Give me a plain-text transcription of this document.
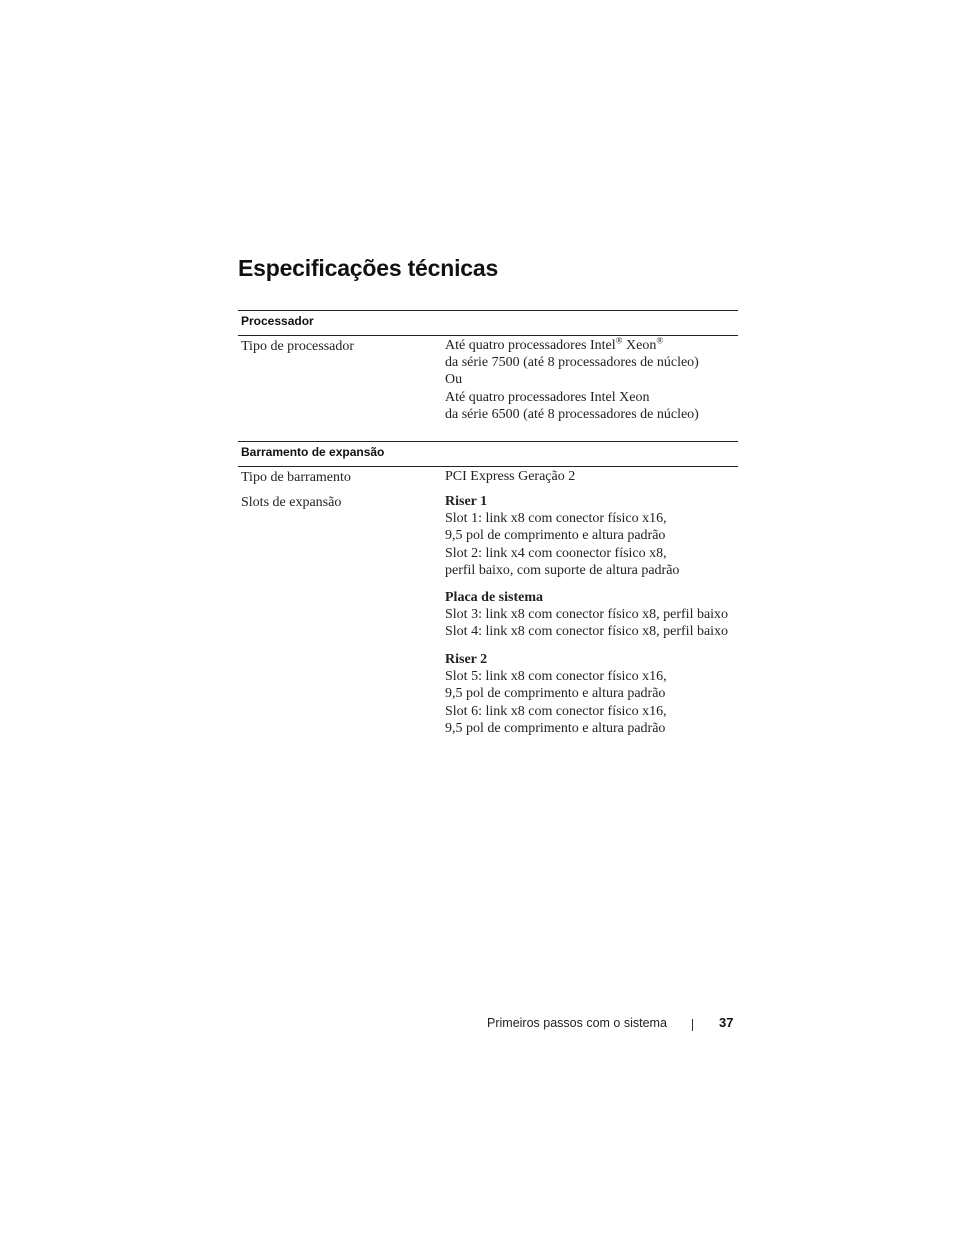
Especificações técnicas
Processador
Tipo de processador	Até quatro processadores Intel® Xeon®
da série 7500 (até 8 processadores de núcleo)
Ou
Até quatro processadores Intel Xeon
da série 6500 (até 8 processadores de núcleo)
Barramento de expansão
Tipo de barramento	PCI Express Geração 2
Slots de expansão	Riser 1
Slot 1: link x8 com conector físico x16,
9,5 pol de comprimento e altura padrão
Slot 2: link x4 com coonector físico x8,
perfil baixo, com suporte de altura padrão
Placa de sistema
Slot 3: link x8 com conector físico x8, perfil baixo
Slot 4: link x8 com conector físico x8, perfil baixo
Riser 2
Slot 5: link x8 com conector físico x16,
9,5 pol de comprimento e altura padrão
Slot 6: link x8 com conector físico x16,
9,5 pol de comprimento e altura padrão
Primeiros passos com o sistema	37
